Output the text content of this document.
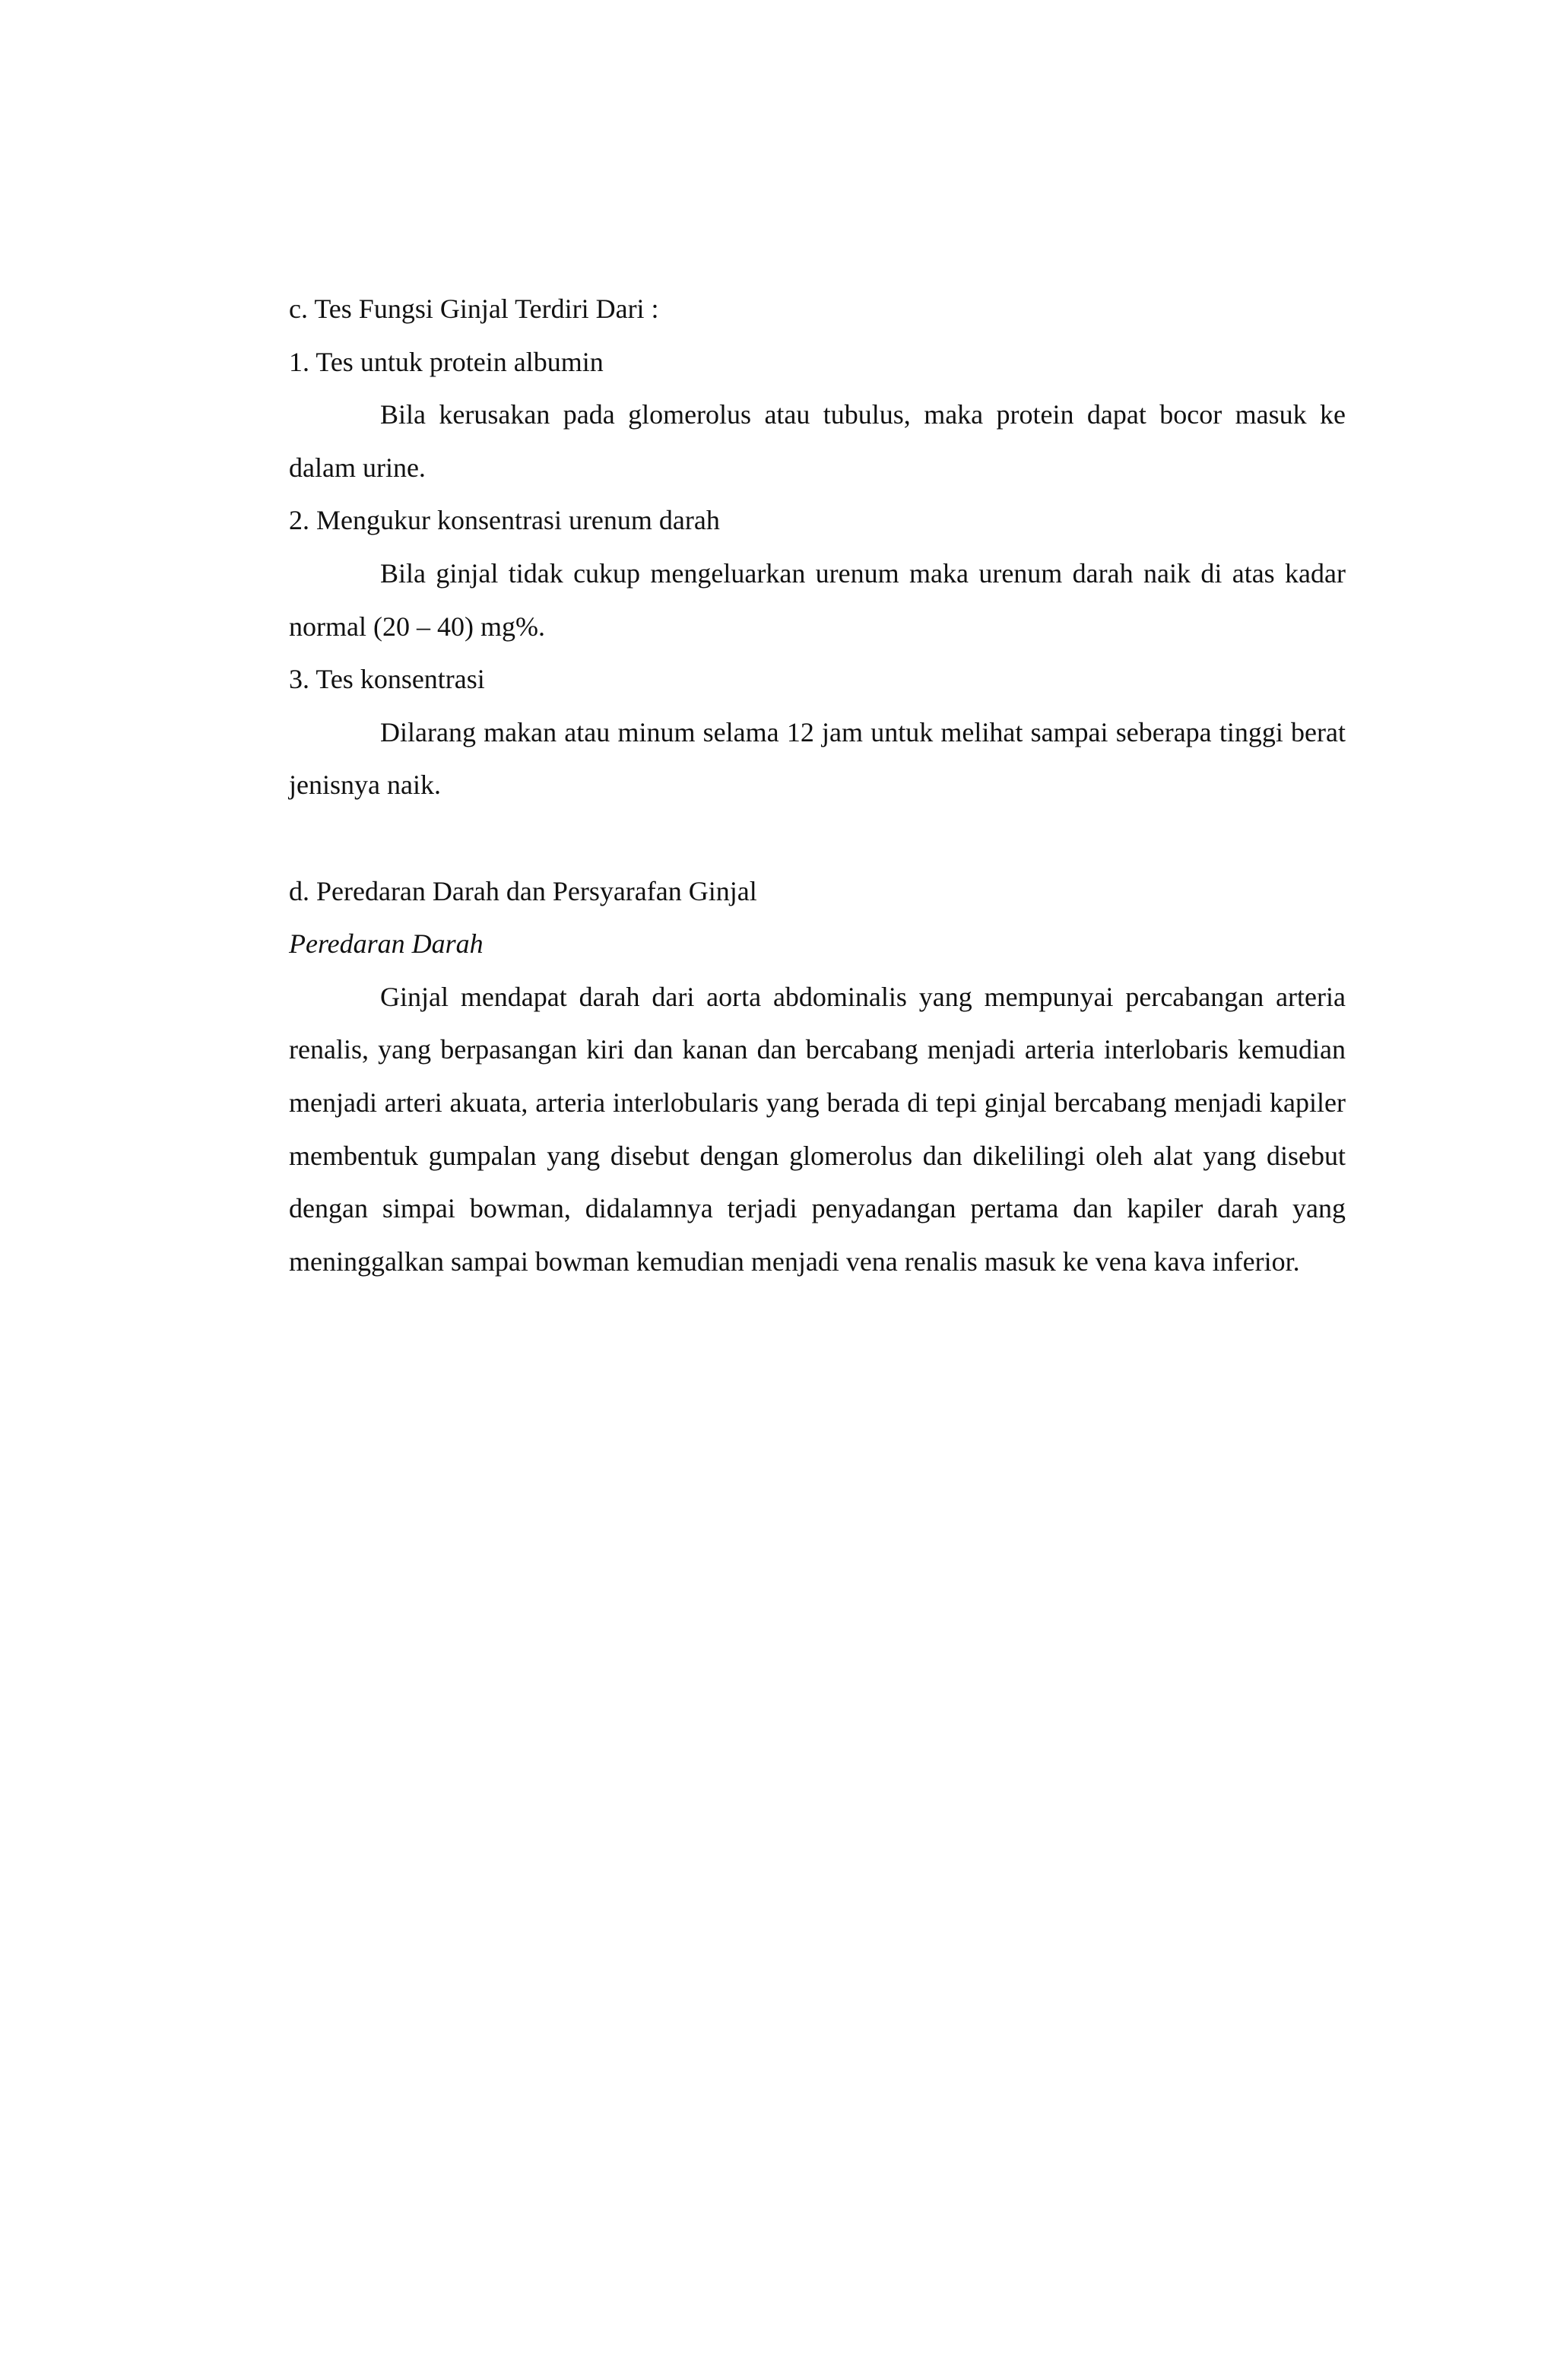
c. Tes Fungsi Ginjal Terdiri Dari :

1. Tes untuk protein albumin

Bila kerusakan pada glomerolus atau tubulus, maka protein dapat bocor masuk ke dalam urine.

2. Mengukur konsentrasi urenum darah

Bila ginjal tidak cukup mengeluarkan urenum maka urenum darah naik di atas kadar normal (20 – 40) mg%.

3. Tes konsentrasi

Dilarang makan atau minum selama 12 jam untuk melihat sampai seberapa tinggi berat jenisnya naik.

d. Peredaran Darah dan Persyarafan Ginjal

Peredaran Darah

Ginjal mendapat darah dari aorta abdominalis yang mempunyai percabangan arteria renalis, yang berpasangan kiri dan kanan dan bercabang menjadi arteria interlobaris kemudian menjadi arteri akuata, arteria interlobularis yang berada di tepi ginjal bercabang menjadi kapiler membentuk gumpalan yang disebut dengan glomerolus dan dikelilingi oleh alat yang disebut dengan simpai bowman, didalamnya terjadi penyadangan pertama dan kapiler darah yang meninggalkan sampai bowman kemudian menjadi vena renalis masuk ke vena kava inferior.
